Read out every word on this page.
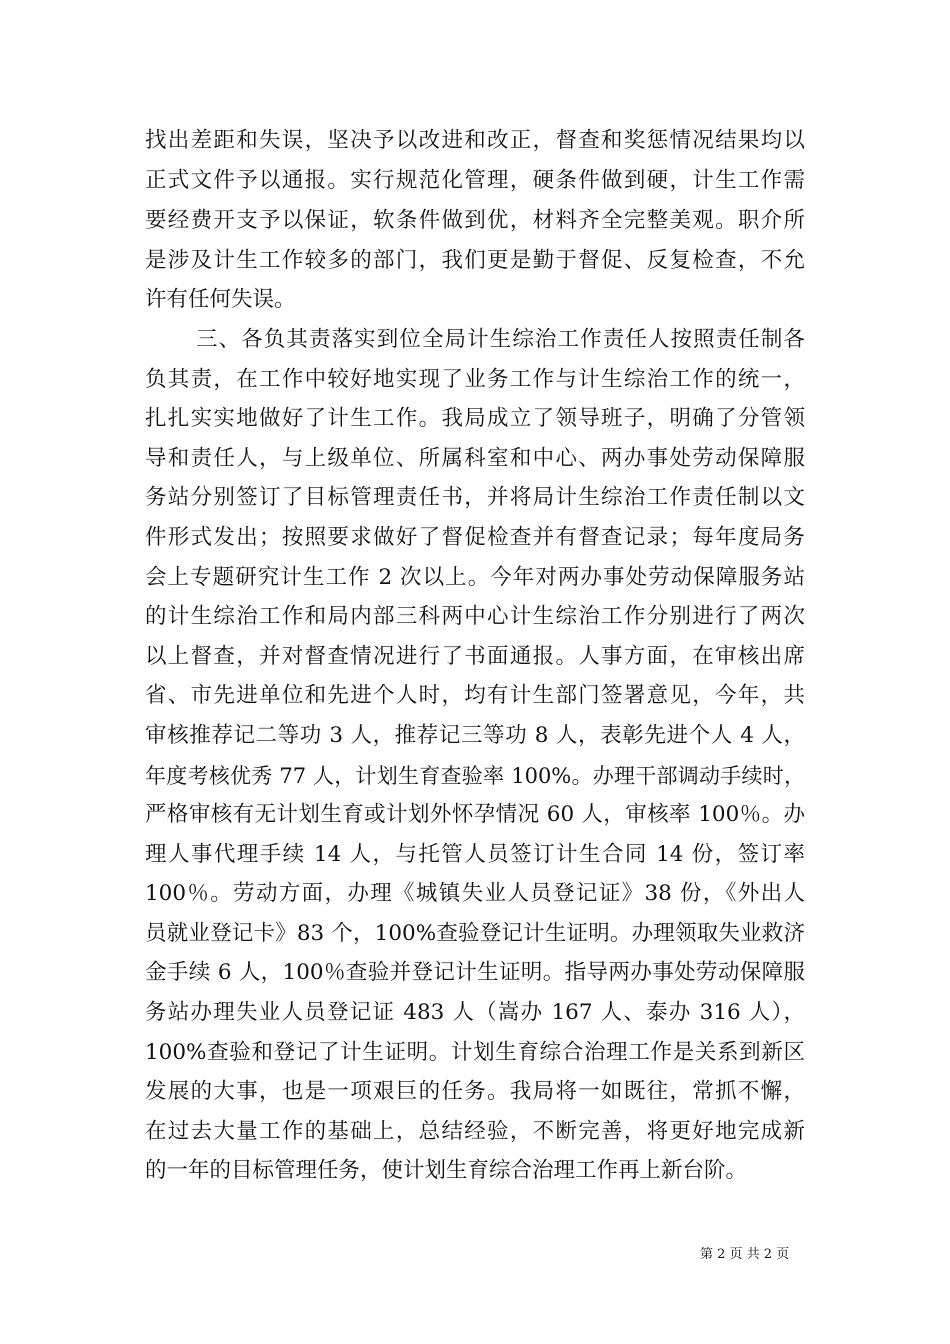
找出差距和失误，坚决予以改进和改正，督查和奖惩情况结果均以
正式文件予以通报。实行规范化管理，硬条件做到硬，计生工作需
要经费开支予以保证，软条件做到优，材料齐全完整美观。职介所
是涉及计生工作较多的部门，我们更是勤于督促、反复检查，不允
许有任何失误。
三、各负其责落实到位全局计生综治工作责任人按照责任制各
负其责，在工作中较好地实现了业务工作与计生综治工作的统一，
扎扎实实地做好了计生工作。我局成立了领导班子，明确了分管领
导和责任人，与上级单位、所属科室和中心、两办事处劳动保障服
务站分别签订了目标管理责任书，并将局计生综治工作责任制以文
件形式发出；按照要求做好了督促检查并有督查记录；每年度局务
会上专题研究计生工作 2 次以上。今年对两办事处劳动保障服务站
的计生综治工作和局内部三科两中心计生综治工作分别进行了两次
以上督查，并对督查情况进行了书面通报。人事方面，在审核出席
省、市先进单位和先进个人时，均有计生部门签署意见，今年，共
审核推荐记二等功 3 人，推荐记三等功 8 人，表彰先进个人 4 人，
年度考核优秀 77 人，计划生育查验率 100%。办理干部调动手续时，
严格审核有无计划生育或计划外怀孕情况 60 人，审核率 100％。办
理人事代理手续 14 人，与托管人员签订计生合同 14 份，签订率
100％。劳动方面，办理《城镇失业人员登记证》38 份，《外出人
员就业登记卡》83 个，100%查验登记计生证明。办理领取失业救济
金手续 6 人，100％查验并登记计生证明。指导两办事处劳动保障服
务站办理失业人员登记证 483 人（嵩办 167 人、泰办 316 人），
100%查验和登记了计生证明。计划生育综合治理工作是关系到新区
发展的大事，也是一项艰巨的任务。我局将一如既往，常抓不懈，
在过去大量工作的基础上，总结经验，不断完善，将更好地完成新
的一年的目标管理任务，使计划生育综合治理工作再上新台阶。
第 2 页 共 2 页
